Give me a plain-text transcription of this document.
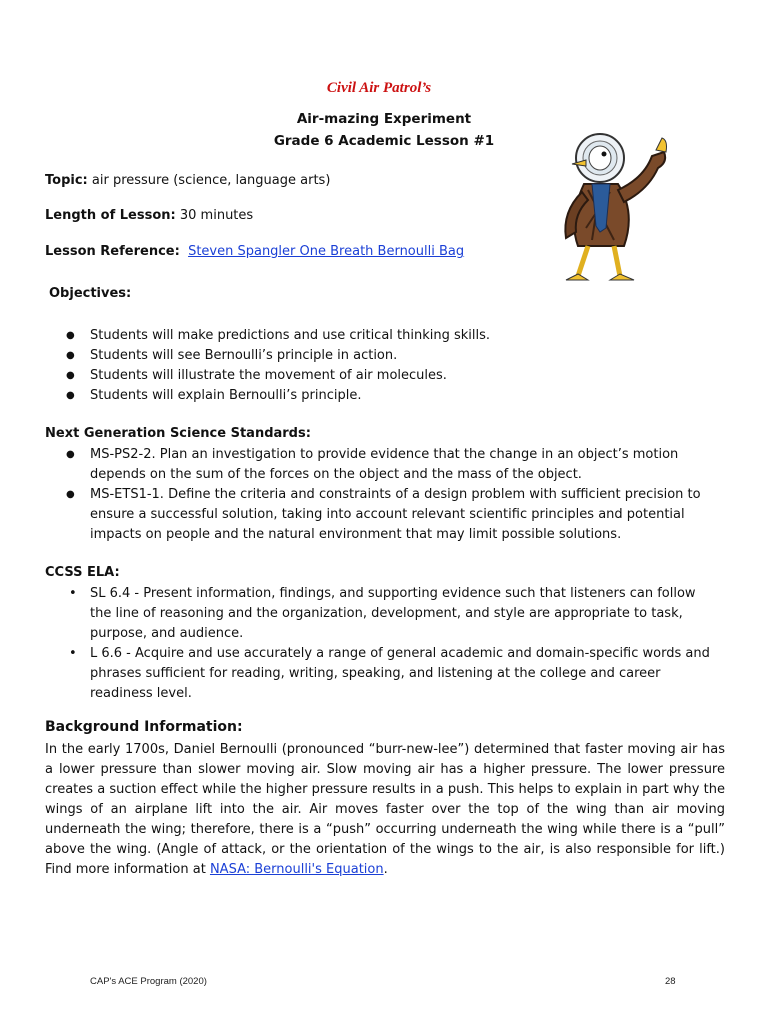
Civil Air Patrol’s
Air-mazing Experiment
Grade 6 Academic Lesson #1
Topic: air pressure (science, language arts)
Length of Lesson: 30 minutes
Lesson Reference: Steven Spangler One Breath Bernoulli Bag
Objectives:
● Students will make predictions and use critical thinking skills.
● Students will see Bernoulli’s principle in action.
● Students will illustrate the movement of air molecules.
● Students will explain Bernoulli’s principle.
Next Generation Science Standards:
● MS-PS2-2. Plan an investigation to provide evidence that the change in an object’s motion depends on the sum of the forces on the object and the mass of the object.
● MS-ETS1-1. Define the criteria and constraints of a design problem with sufficient precision to ensure a successful solution, taking into account relevant scientific principles and potential impacts on people and the natural environment that may limit possible solutions.
CCSS ELA:
• SL 6.4 - Present information, findings, and supporting evidence such that listeners can follow the line of reasoning and the organization, development, and style are appropriate to task, purpose, and audience.
• L 6.6 - Acquire and use accurately a range of general academic and domain-specific words and phrases sufficient for reading, writing, speaking, and listening at the college and career readiness level.
Background Information:
In the early 1700s, Daniel Bernoulli (pronounced “burr-new-lee”) determined that faster moving air has a lower pressure than slower moving air. Slow moving air has a higher pressure. The lower pressure creates a suction effect while the higher pressure results in a push. This helps to explain in part why the wings of an airplane lift into the air. Air moves faster over the top of the wing than air moving underneath the wing; therefore, there is a “push” occurring underneath the wing while there is a “pull” above the wing. (Angle of attack, or the orientation of the wings to the air, is also responsible for lift.) Find more information at NASA: Bernoulli's Equation.
CAP's ACE Program (2020)	28
